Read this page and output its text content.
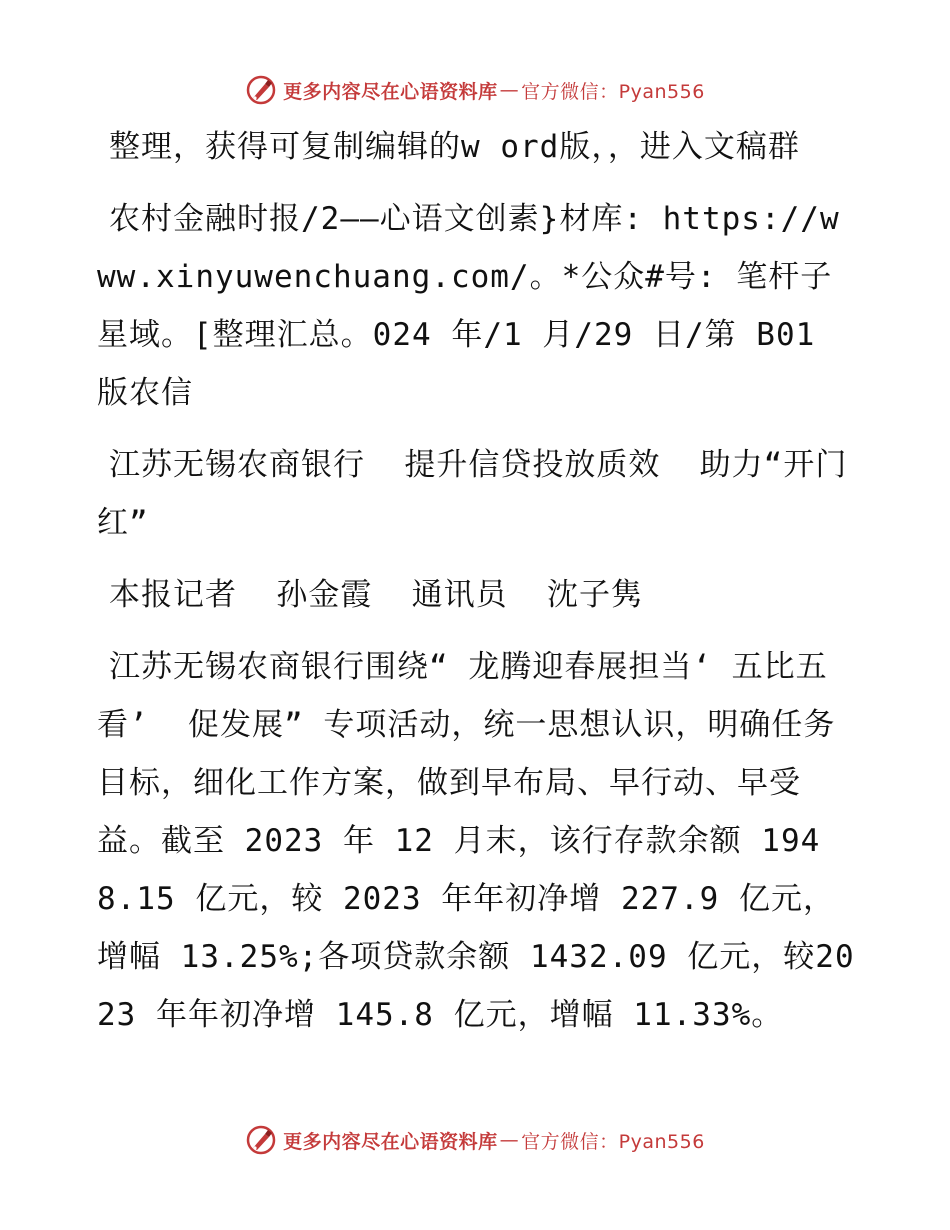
更多内容尽在心语资料库 — 官方微信：Pyan556

整理，获得可复制编辑的w ord版，，进入文稿群

农村金融时报/2——心语文创素}材库: https://www.xinyuwenchuang.com/。*公众#号: 笔杆子星域。[整理汇总。024 年/1 月/29 日/第 B01 版农信

江苏无锡农商银行  提升信贷投放质效  助力“开门红”

本报记者  孙金霞  通讯员  沈子隽

江苏无锡农商银行围绕“ 龙腾迎春展担当‘ 五比五看’  促发展” 专项活动，统一思想认识，明确任务目标，细化工作方案，做到早布局、早行动、早受益。截至 2023 年 12 月末，该行存款余额 1948.15 亿元，较 2023 年年初净增 227.9 亿元，增幅 13.25%;各项贷款余额 1432.09 亿元，较2023 年年初净增 145.8 亿元，增幅 11.33%。

更多内容尽在心语资料库 — 官方微信：Pyan556
